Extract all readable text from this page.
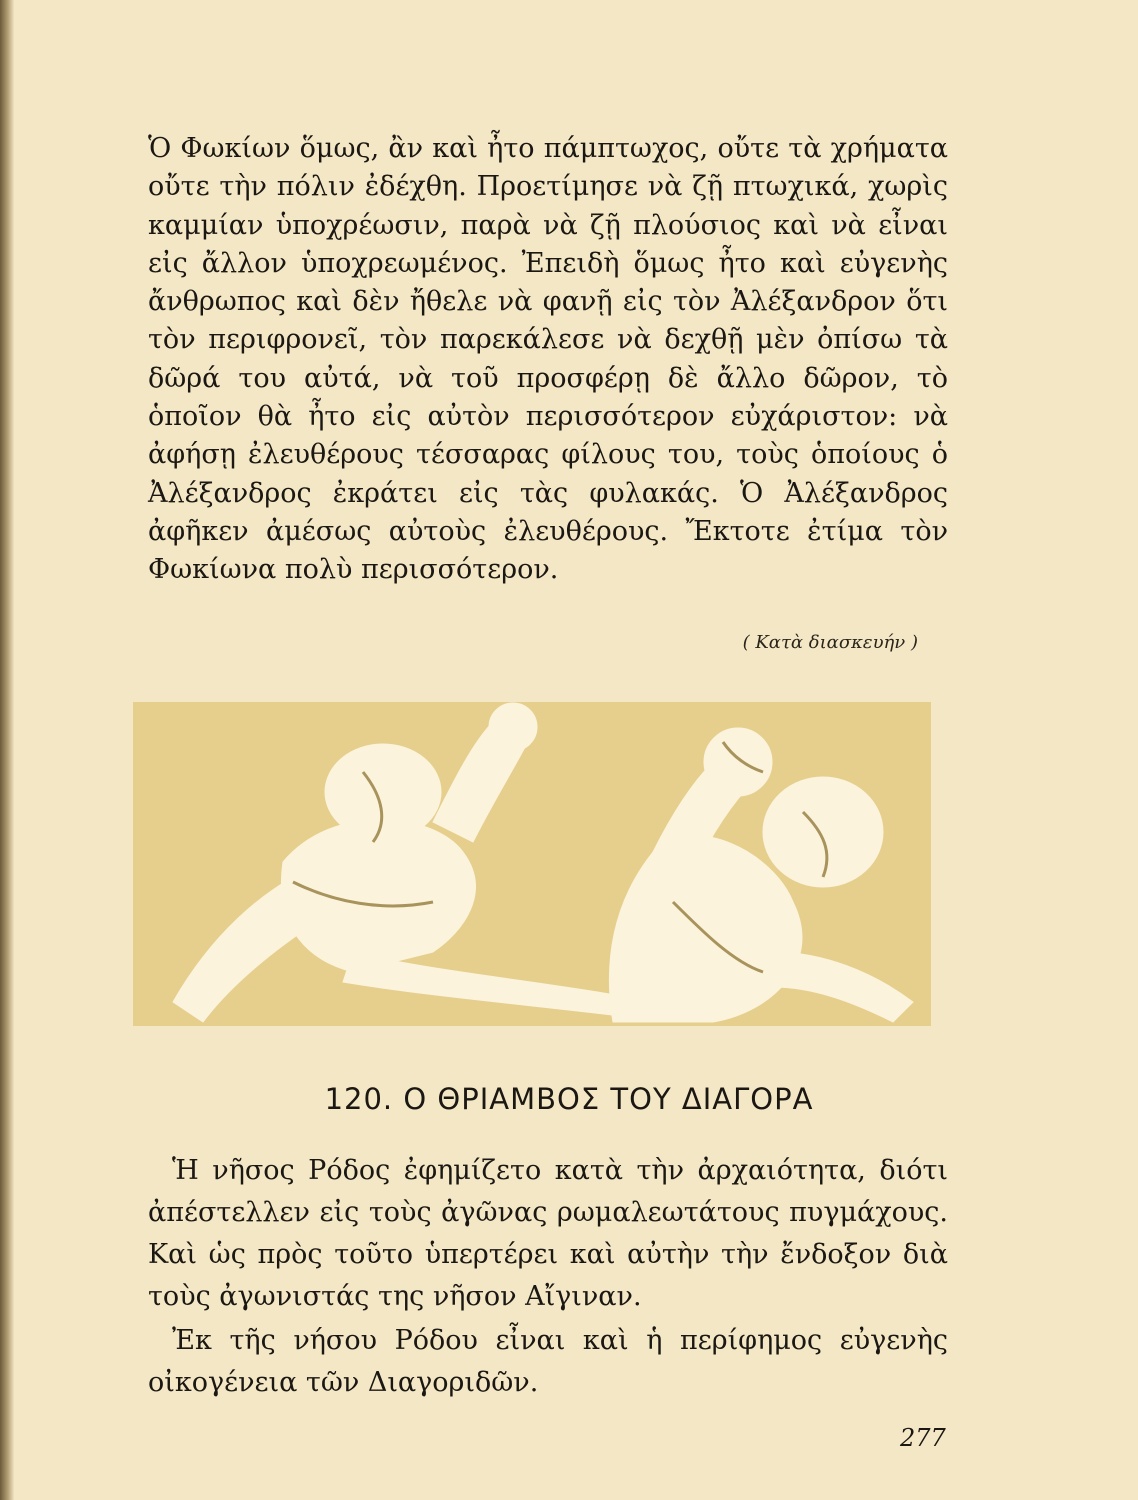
Ὁ Φωκίων ὅμως, ἂν καὶ ἦτο πάμπτωχος, οὔτε τὰ χρήματα οὔτε τὴν πόλιν ἐδέχθη. Προετίμησε νὰ ζῇ πτωχικά, χωρὶς καμμίαν ὑποχρέωσιν, παρὰ νὰ ζῇ πλούσιος καὶ νὰ εἶναι εἰς ἄλλον ὑποχρεωμένος. Ἐπειδὴ ὅμως ἦτο καὶ εὐγενὴς ἄνθρωπος καὶ δὲν ἤθελε νὰ φανῇ εἰς τὸν Ἀλέξανδρον ὅτι τὸν περιφρονεῖ, τὸν παρεκάλεσε νὰ δεχθῇ μὲν ὀπίσω τὰ δῶρά του αὐτά, νὰ τοῦ προσφέρῃ δὲ ἄλλο δῶρον, τὸ ὁποῖον θὰ ἦτο εἰς αὐτὸν περισσότερον εὐχάριστον: νὰ ἀφήσῃ ἐλευθέρους τέσσαρας φίλους του, τοὺς ὁποίους ὁ Ἀλέξανδρος ἐκράτει εἰς τὰς φυλακάς. Ὁ Ἀλέξανδρος ἀφῆκεν ἀμέσως αὐτοὺς ἐλευθέρους. Ἔκτοτε ἐτίμα τὸν Φωκίωνα πολὺ περισσότερον.

( Κατὰ διασκευήν )
120. Ο ΘΡΙΑΜΒΟΣ ΤΟΥ ΔΙΑΓΟΡΑ

Ἡ νῆσος Ρόδος ἐφημίζετο κατὰ τὴν ἀρχαιότητα, διότι ἀπέστελλεν εἰς τοὺς ἀγῶνας ρωμαλεωτάτους πυγμάχους. Καὶ ὡς πρὸς τοῦτο ὑπερτέρει καὶ αὐτὴν τὴν ἔνδοξον διὰ τοὺς ἀγωνιστάς της νῆσον Αἴγιναν.

Ἐκ τῆς νήσου Ρόδου εἶναι καὶ ἡ περίφημος εὐγενὴς οἰκογένεια τῶν Διαγοριδῶν.

277
